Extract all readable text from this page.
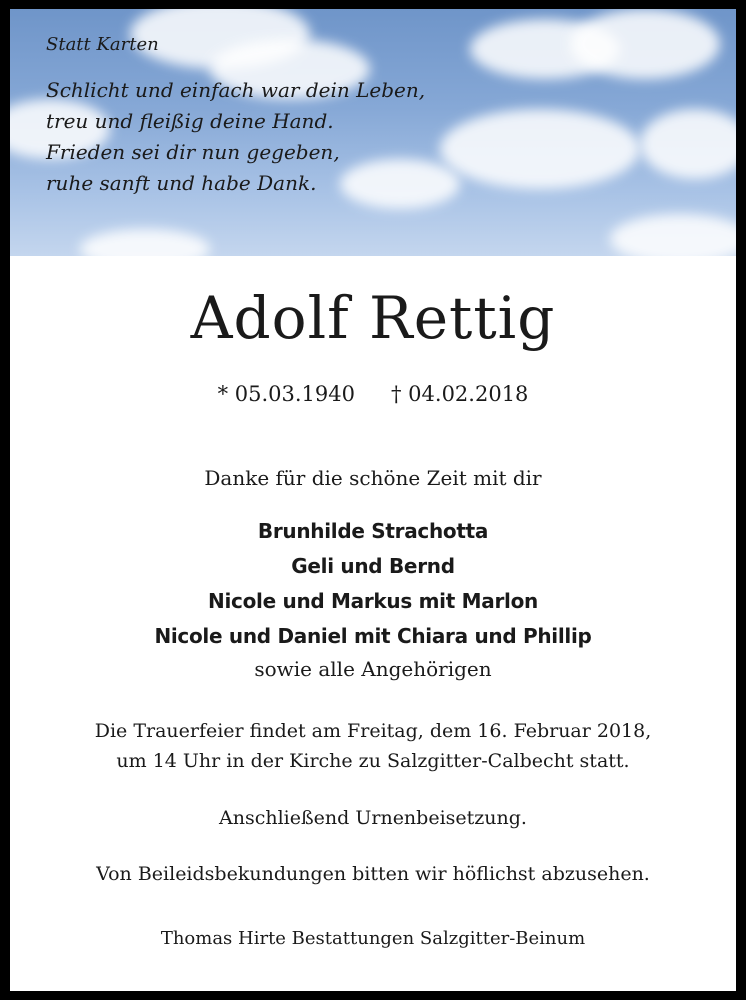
Statt Karten
Schlicht und einfach war dein Leben,
treu und fleißig deine Hand.
Frieden sei dir nun gegeben,
ruhe sanft und habe Dank.
Adolf Rettig
* 05.03.1940 † 04.02.2018
Danke für die schöne Zeit mit dir
Brunhilde Strachotta
Geli und Bernd
Nicole und Markus mit Marlon
Nicole und Daniel mit Chiara und Phillip
sowie alle Angehörigen
Die Trauerfeier findet am Freitag, dem 16. Februar 2018,
um 14 Uhr in der Kirche zu Salzgitter-Calbecht statt.
Anschließend Urnenbeisetzung.
Von Beileidsbekundungen bitten wir höflichst abzusehen.
Thomas Hirte Bestattungen Salzgitter-Beinum
